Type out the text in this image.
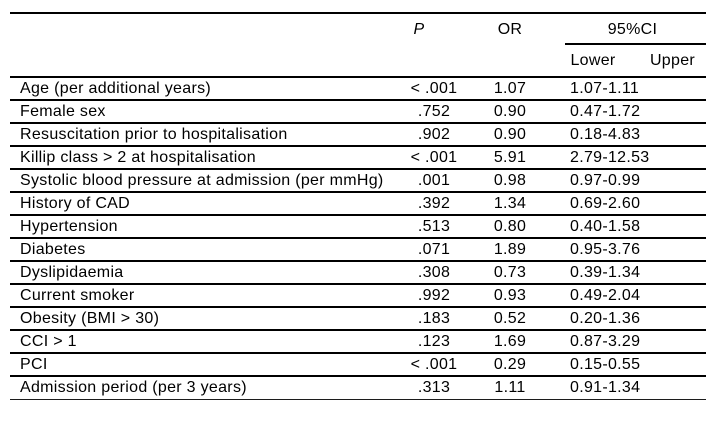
	P	OR	95%CI	
			Lower	Upper
Age (per additional years)	< .001	1.07	1.07-1.11	
Female sex	.752	0.90	0.47-1.72	
Resuscitation prior to hospitalisation	.902	0.90	0.18-4.83	
Killip class > 2 at hospitalisation	< .001	5.91	2.79-12.53	
Systolic blood pressure at admission (per mmHg)	.001	0.98	0.97-0.99	
History of CAD	.392	1.34	0.69-2.60	
Hypertension	.513	0.80	0.40-1.58	
Diabetes	.071	1.89	0.95-3.76	
Dyslipidaemia	.308	0.73	0.39-1.34	
Current smoker	.992	0.93	0.49-2.04	
Obesity (BMI > 30)	.183	0.52	0.20-1.36	
CCI > 1	.123	1.69	0.87-3.29	
PCI	< .001	0.29	0.15-0.55	
Admission period (per 3 years)	.313	1.11	0.91-1.34	
